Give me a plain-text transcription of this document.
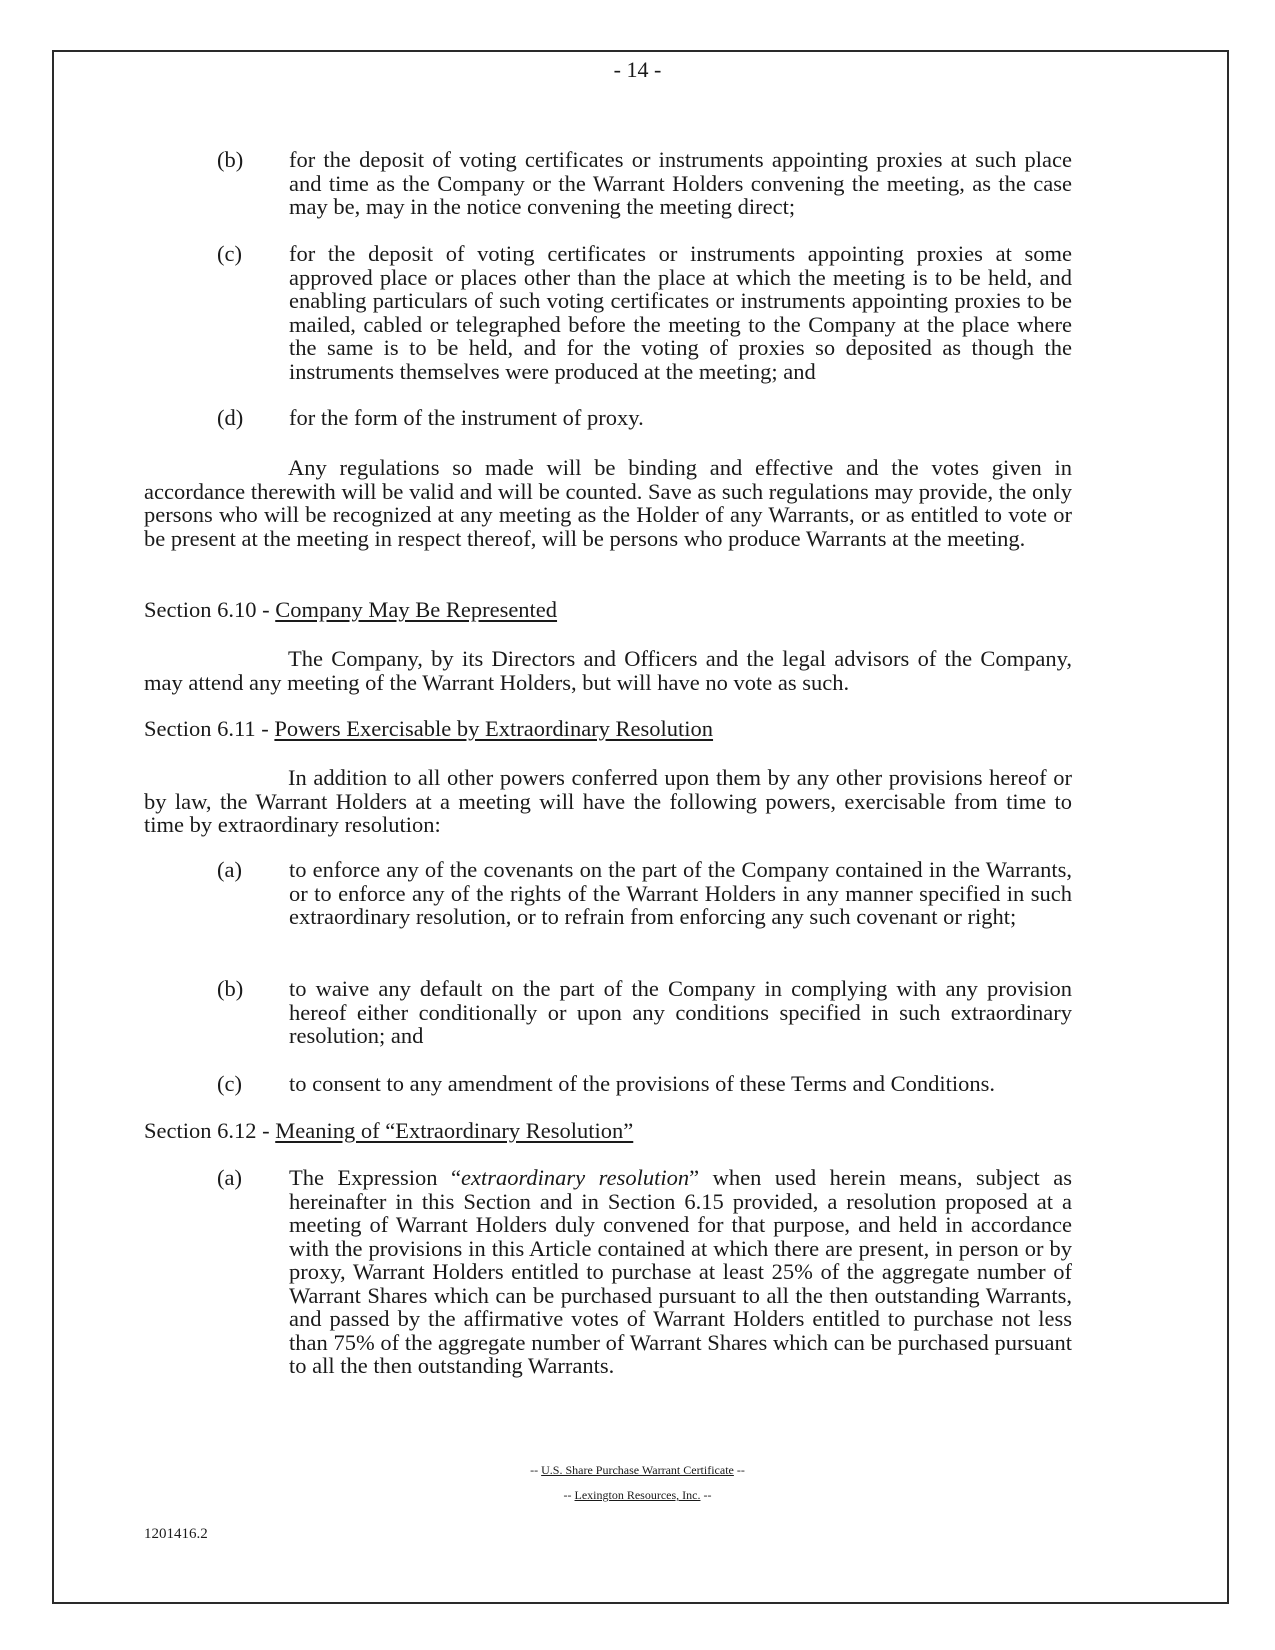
- 14 -
(b) for the deposit of voting certificates or instruments appointing proxies at such place and time as the Company or the Warrant Holders convening the meeting, as the case may be, may in the notice convening the meeting direct;
(c) for the deposit of voting certificates or instruments appointing proxies at some approved place or places other than the place at which the meeting is to be held, and enabling particulars of such voting certificates or instruments appointing proxies to be mailed, cabled or telegraphed before the meeting to the Company at the place where the same is to be held, and for the voting of proxies so deposited as though the instruments themselves were produced at the meeting; and
(d) for the form of the instrument of proxy.
Any regulations so made will be binding and effective and the votes given in accordance therewith will be valid and will be counted. Save as such regulations may provide, the only persons who will be recognized at any meeting as the Holder of any Warrants, or as entitled to vote or be present at the meeting in respect thereof, will be persons who produce Warrants at the meeting.
Section 6.10 - Company May Be Represented
The Company, by its Directors and Officers and the legal advisors of the Company, may attend any meeting of the Warrant Holders, but will have no vote as such.
Section 6.11 - Powers Exercisable by Extraordinary Resolution
In addition to all other powers conferred upon them by any other provisions hereof or by law, the Warrant Holders at a meeting will have the following powers, exercisable from time to time by extraordinary resolution:
(a) to enforce any of the covenants on the part of the Company contained in the Warrants, or to enforce any of the rights of the Warrant Holders in any manner specified in such extraordinary resolution, or to refrain from enforcing any such covenant or right;
(b) to waive any default on the part of the Company in complying with any provision hereof either conditionally or upon any conditions specified in such extraordinary resolution; and
(c) to consent to any amendment of the provisions of these Terms and Conditions.
Section 6.12 - Meaning of “Extraordinary Resolution”
(a) The Expression “extraordinary resolution” when used herein means, subject as hereinafter in this Section and in Section 6.15 provided, a resolution proposed at a meeting of Warrant Holders duly convened for that purpose, and held in accordance with the provisions in this Article contained at which there are present, in person or by proxy, Warrant Holders entitled to purchase at least 25% of the aggregate number of Warrant Shares which can be purchased pursuant to all the then outstanding Warrants, and passed by the affirmative votes of Warrant Holders entitled to purchase not less than 75% of the aggregate number of Warrant Shares which can be purchased pursuant to all the then outstanding Warrants.
-- U.S. Share Purchase Warrant Certificate --
-- Lexington Resources, Inc. --
1201416.2
